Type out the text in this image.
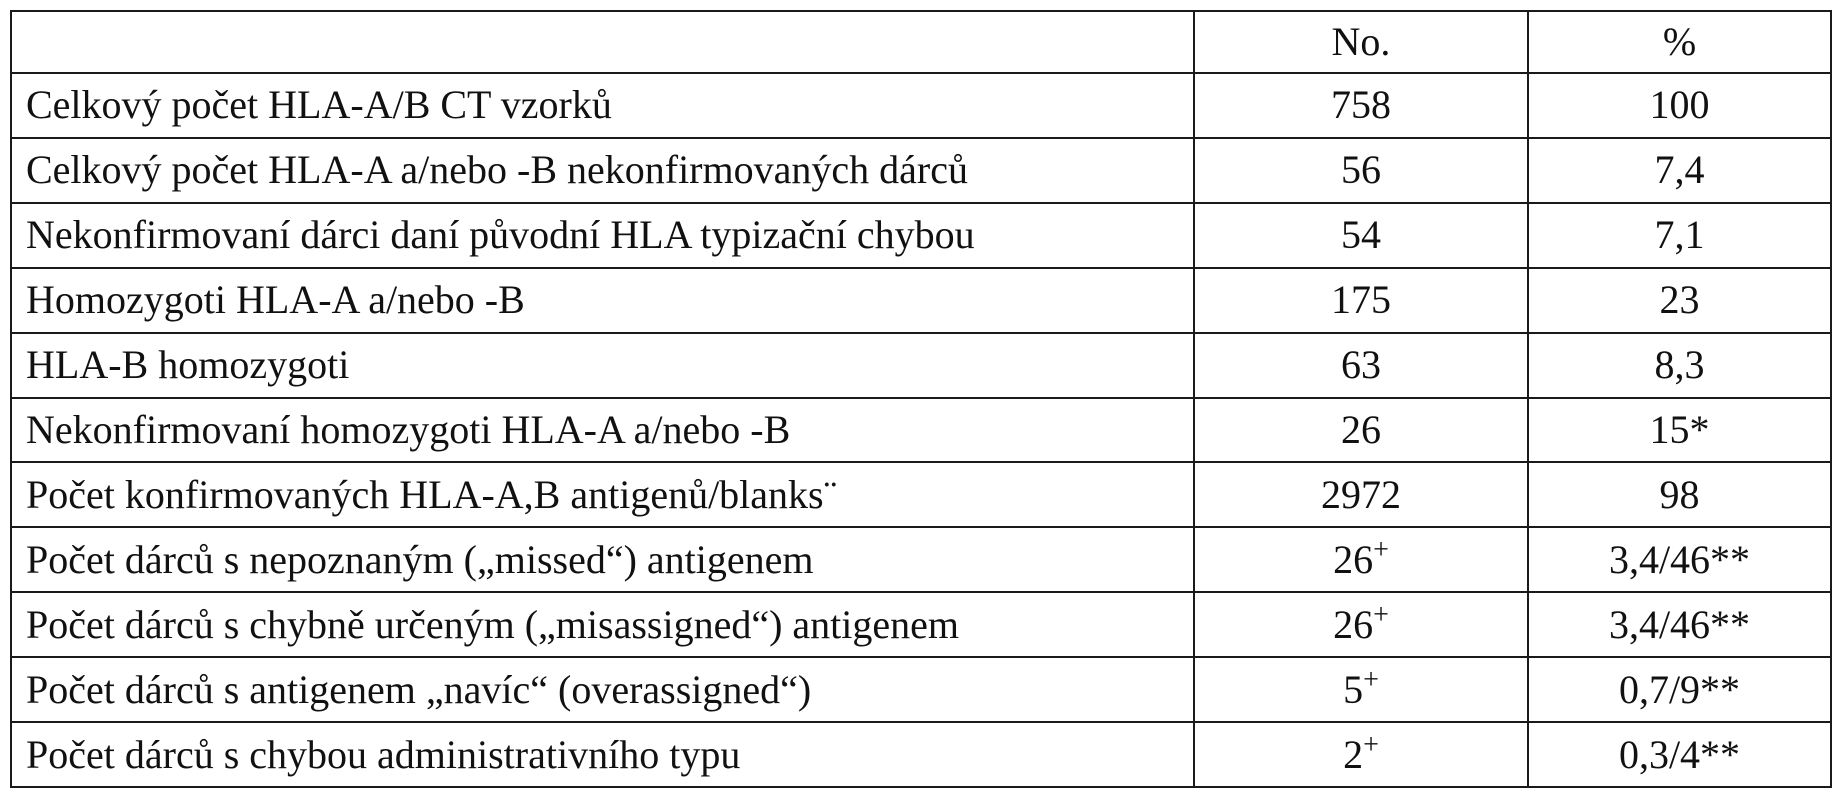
	No.	%
Celkový počet HLA-A/B CT vzorků	758	100
Celkový počet HLA-A a/nebo -B nekonfirmovaných dárců	56	7,4
Nekonfirmovaní dárci daní původní HLA typizační chybou	54	7,1
Homozygoti HLA-A a/nebo -B	175	23
HLA-B homozygoti	63	8,3
Nekonfirmovaní homozygoti HLA-A a/nebo -B	26	15*
Počet konfirmovaných HLA-A,B antigenů/blanks¨	2972	98
Počet dárců s nepoznaným („missed“) antigenem	26+	3,4/46**
Počet dárců s chybně určeným („misassigned“) antigenem	26+	3,4/46**
Počet dárců s antigenem „navíc“ (overassigned“)	5+	0,7/9**
Počet dárců s chybou administrativního typu	2+	0,3/4**
